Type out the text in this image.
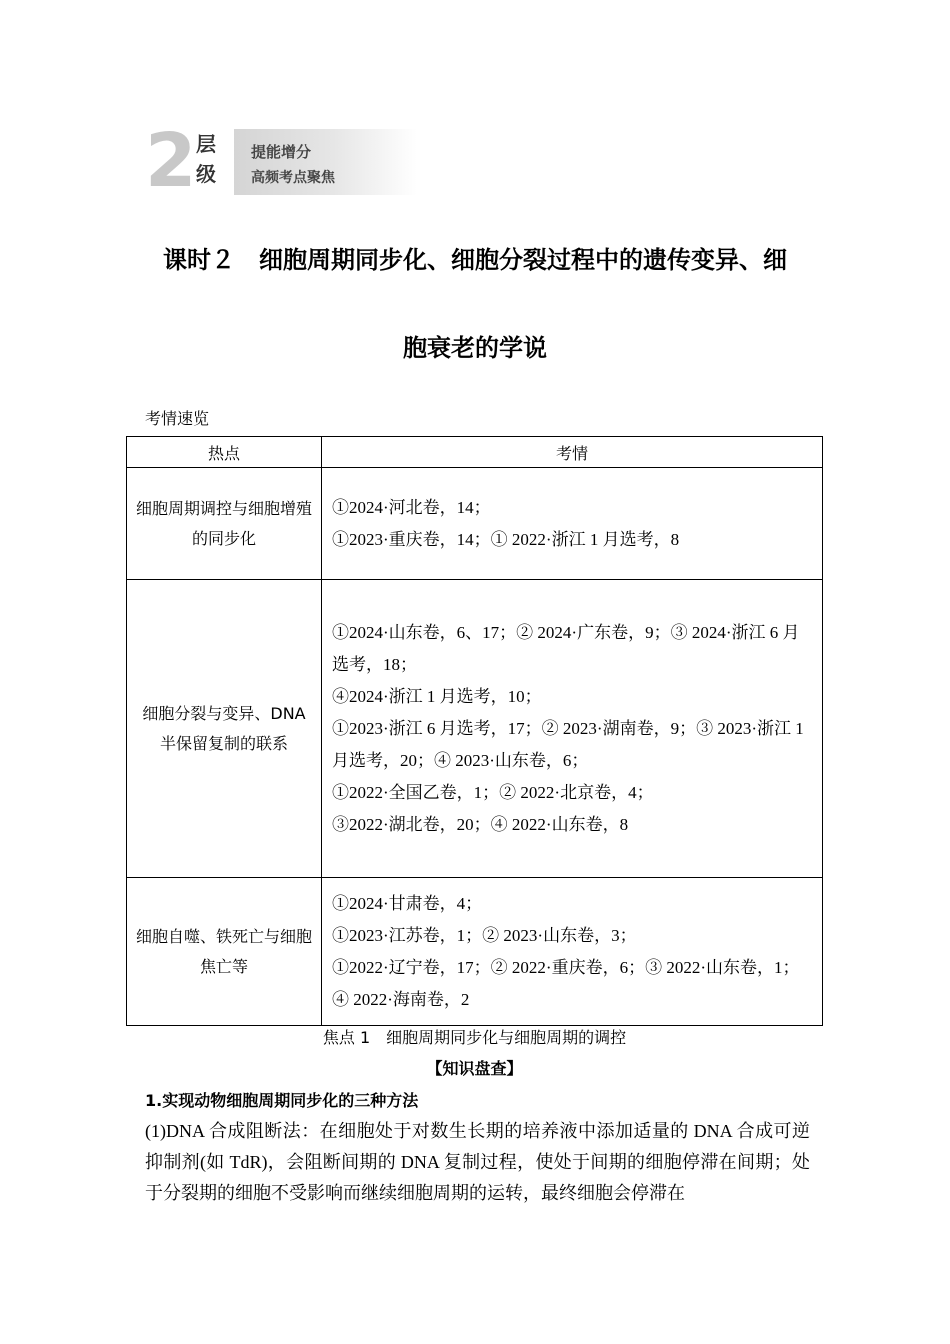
2 层
级
提能增分
高频考点聚焦
课时２　细胞周期同步化、细胞分裂过程中的遗传变异、细
胞衰老的学说
考情速览
热点	考情
细胞周期调控与细胞增殖的同步化	①2024·河北卷，14；
①2023·重庆卷，14；① 2022·浙江 1 月选考，8

细胞分裂与变异、DNA 半保留复制的联系	①2024·山东卷，6、17；② 2024·广东卷，9；③ 2024·浙江 6 月选考，18；
④2024·浙江 1 月选考，10；
①2023·浙江 6 月选考，17；② 2023·湖南卷，9；③ 2023·浙江 1 月选考，20；④ 2023·山东卷，6；
①2022·全国乙卷，1；② 2022·北京卷，4；
③2022·湖北卷，20；④ 2022·山东卷，8

细胞自噬、铁死亡与细胞焦亡等	①2024·甘肃卷，4；
①2023·江苏卷，1；② 2023·山东卷，3；
①2022·辽宁卷，17；② 2022·重庆卷，6；③ 2022·山东卷，1；④ 2022·海南卷，2
焦点 1　细胞周期同步化与细胞周期的调控
【知识盘查】
1.实现动物细胞周期同步化的三种方法
(1)DNA 合成阻断法：在细胞处于对数生长期的培养液中添加适量的 DNA 合成可逆抑制剂(如 TdR)，会阻断间期的 DNA 复制过程，使处于间期的细胞停滞在间期；处于分裂期的细胞不受影响而继续细胞周期的运转，最终细胞会停滞在
